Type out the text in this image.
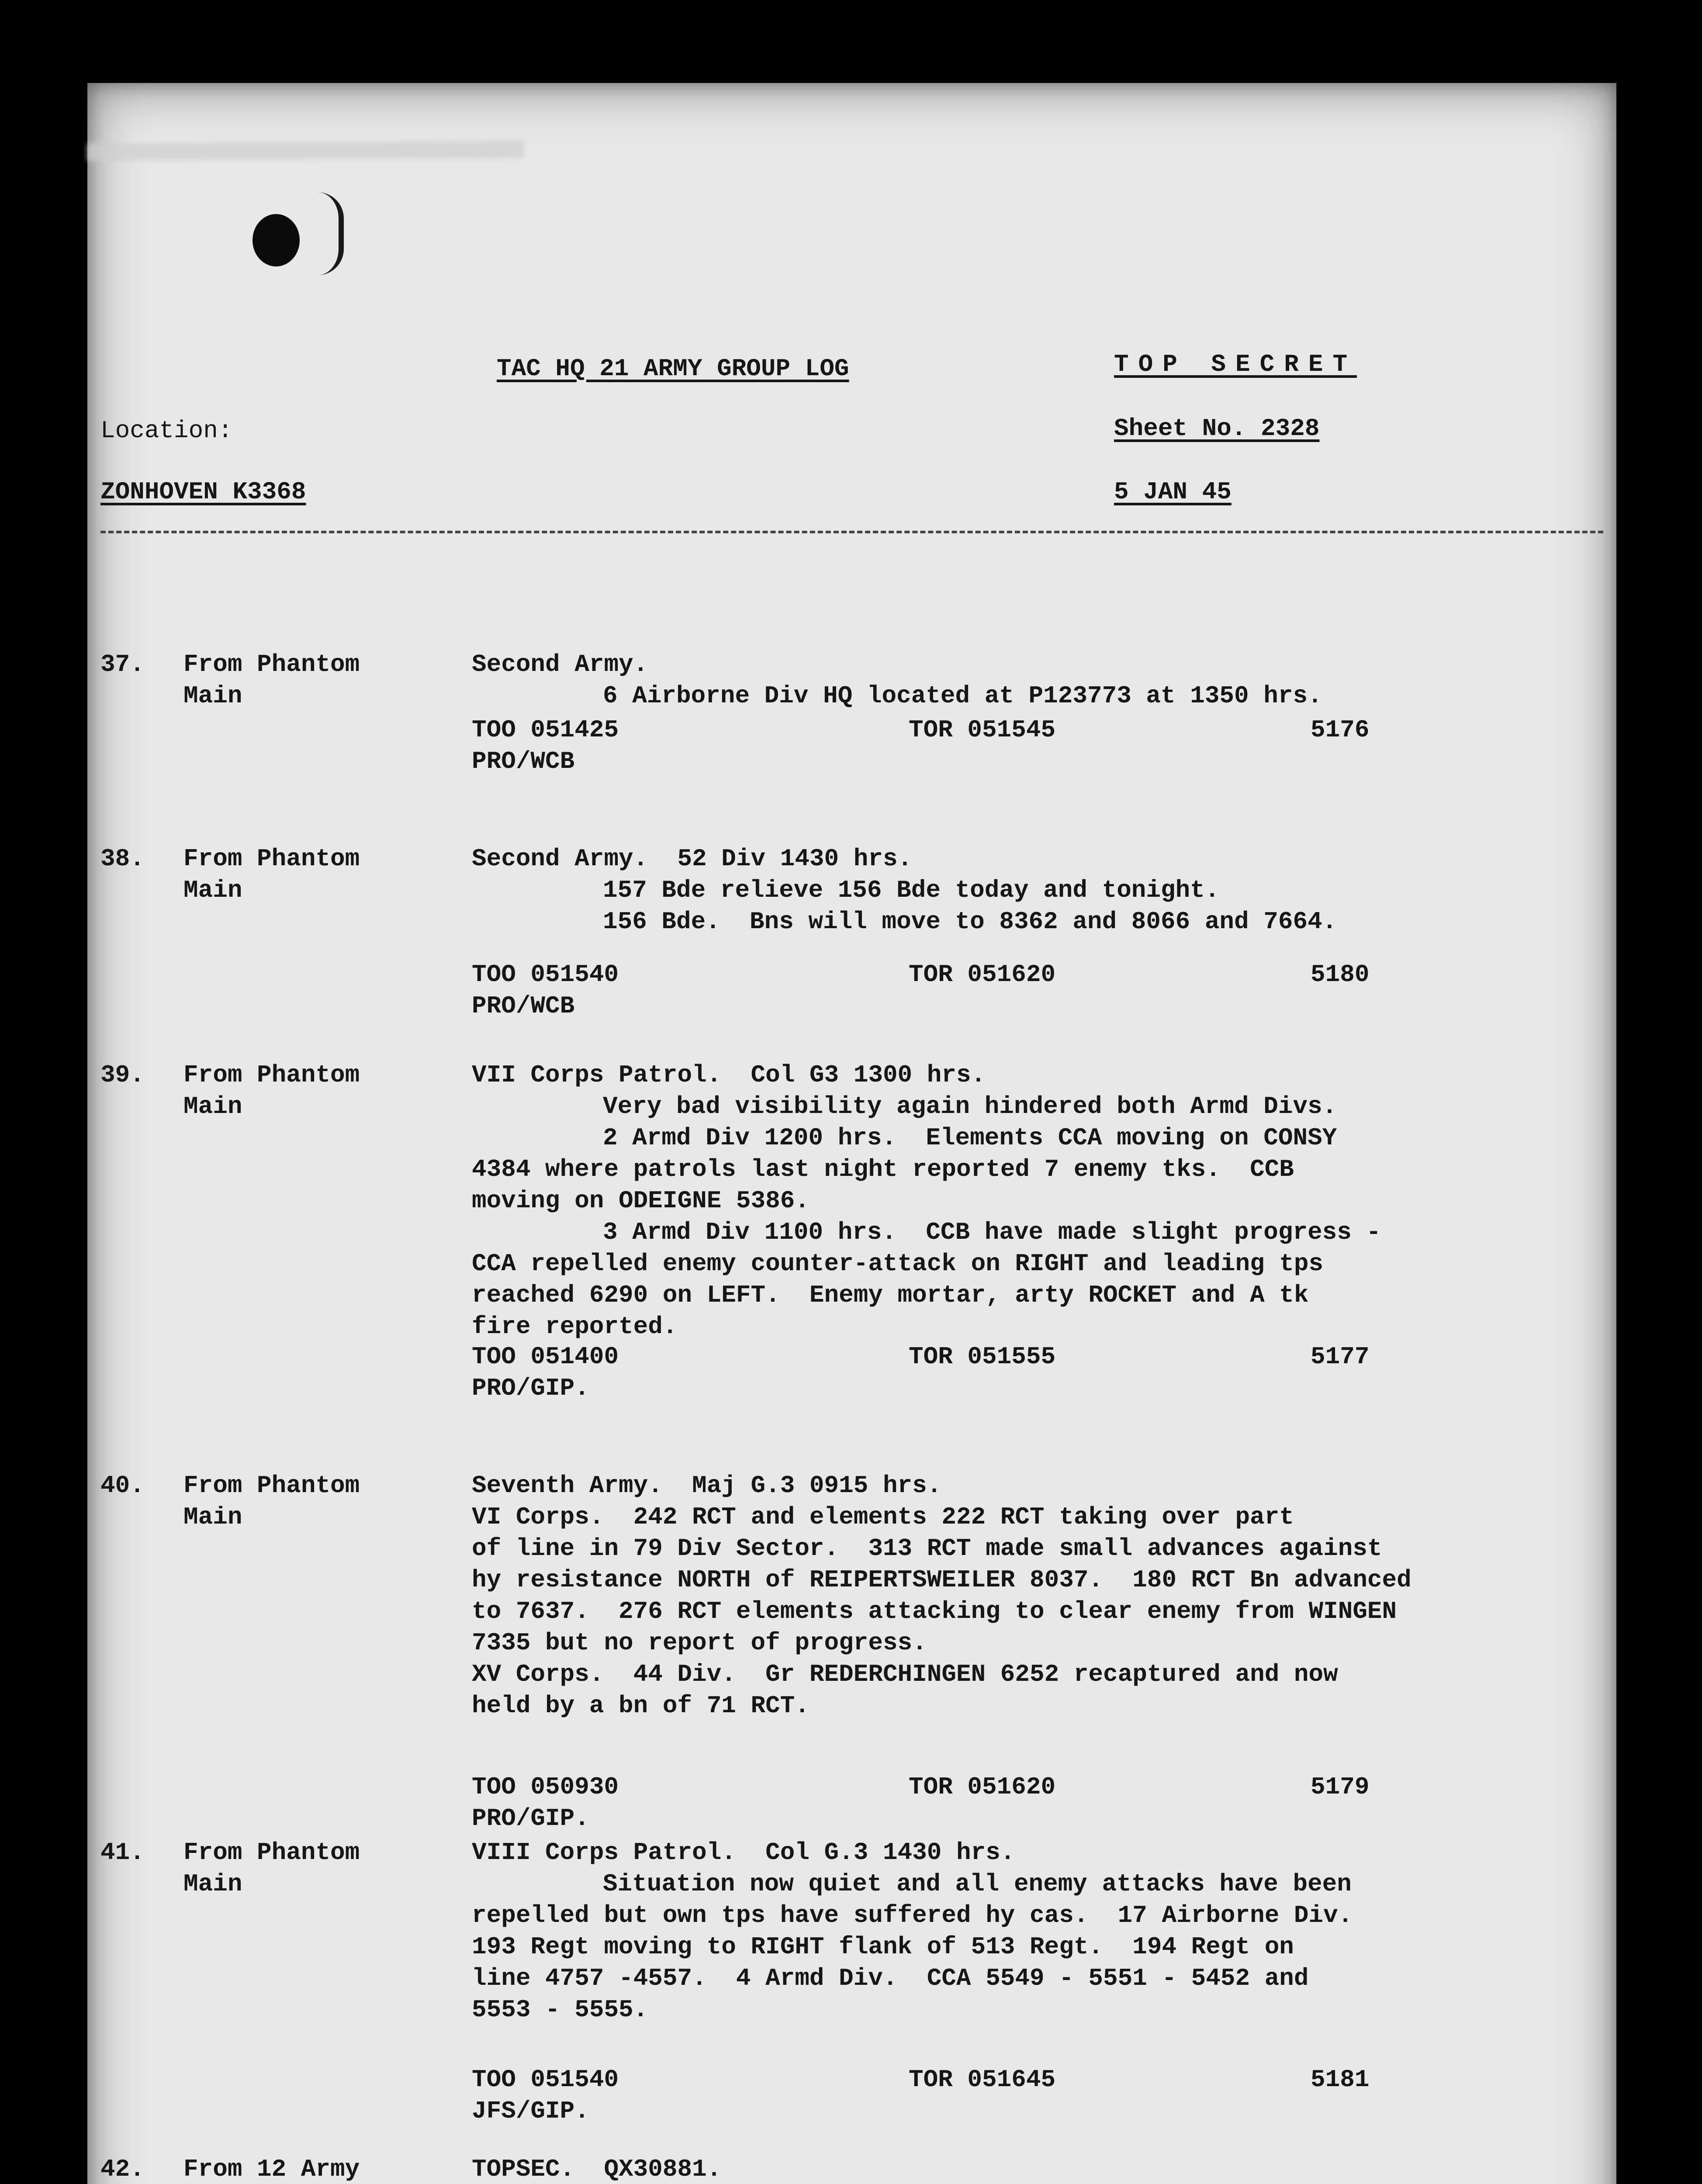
TAC HQ 21 ARMY GROUP LOG	TOP SECRET
Location:	Sheet No. 2328
ZONHOVEN K3368	5 JAN 45
37. From Phantom
Main
Second Army.
6 Airborne Div HQ located at P123773 at 1350 hrs.
TOO 051425	TOR 051545	5176
PRO/WCB
38. From Phantom
Main
Second Army.  52 Div 1430 hrs.
157 Bde relieve 156 Bde today and tonight.
156 Bde.  Bns will move to 8362 and 8066 and 7664.
TOO 051540	TOR 051620	5180
PRO/WCB
39. From Phantom
Main
VII Corps Patrol.  Col G3 1300 hrs.
Very bad visibility again hindered both Armd Divs.
2 Armd Div 1200 hrs.  Elements CCA moving on CONSY
4384 where patrols last night reported 7 enemy tks.  CCB
moving on ODEIGNE 5386.
3 Armd Div 1100 hrs.  CCB have made slight progress -
CCA repelled enemy counter-attack on RIGHT and leading tps
reached 6290 on LEFT.  Enemy mortar, arty ROCKET and A tk
fire reported.
TOO 051400	TOR 051555	5177
PRO/GIP.
40. From Phantom
Main
Seventh Army.  Maj G.3 0915 hrs.
VI Corps.  242 RCT and elements 222 RCT taking over part
of line in 79 Div Sector.  313 RCT made small advances against
hy resistance NORTH of REIPERTSWEILER 8037.  180 RCT Bn advanced
to 7637.  276 RCT elements attacking to clear enemy from WINGEN
7335 but no report of progress.
XV Corps.  44 Div.  Gr REDERCHINGEN 6252 recaptured and now
held by a bn of 71 RCT.
TOO 050930	TOR 051620	5179
PRO/GIP.
41. From Phantom
Main
VIII Corps Patrol.  Col G.3 1430 hrs.
Situation now quiet and all enemy attacks have been
repelled but own tps have suffered hy cas.  17 Airborne Div.
193 Regt moving to RIGHT flank of 513 Regt.  194 Regt on
line 4757 -4557.  4 Armd Div.  CCA 5549 - 5551 - 5452 and
5553 - 5555.
TOO 051540	TOR 051645	5181
JFS/GIP.
42. From 12 Army	TOPSEC.  QX30881.
